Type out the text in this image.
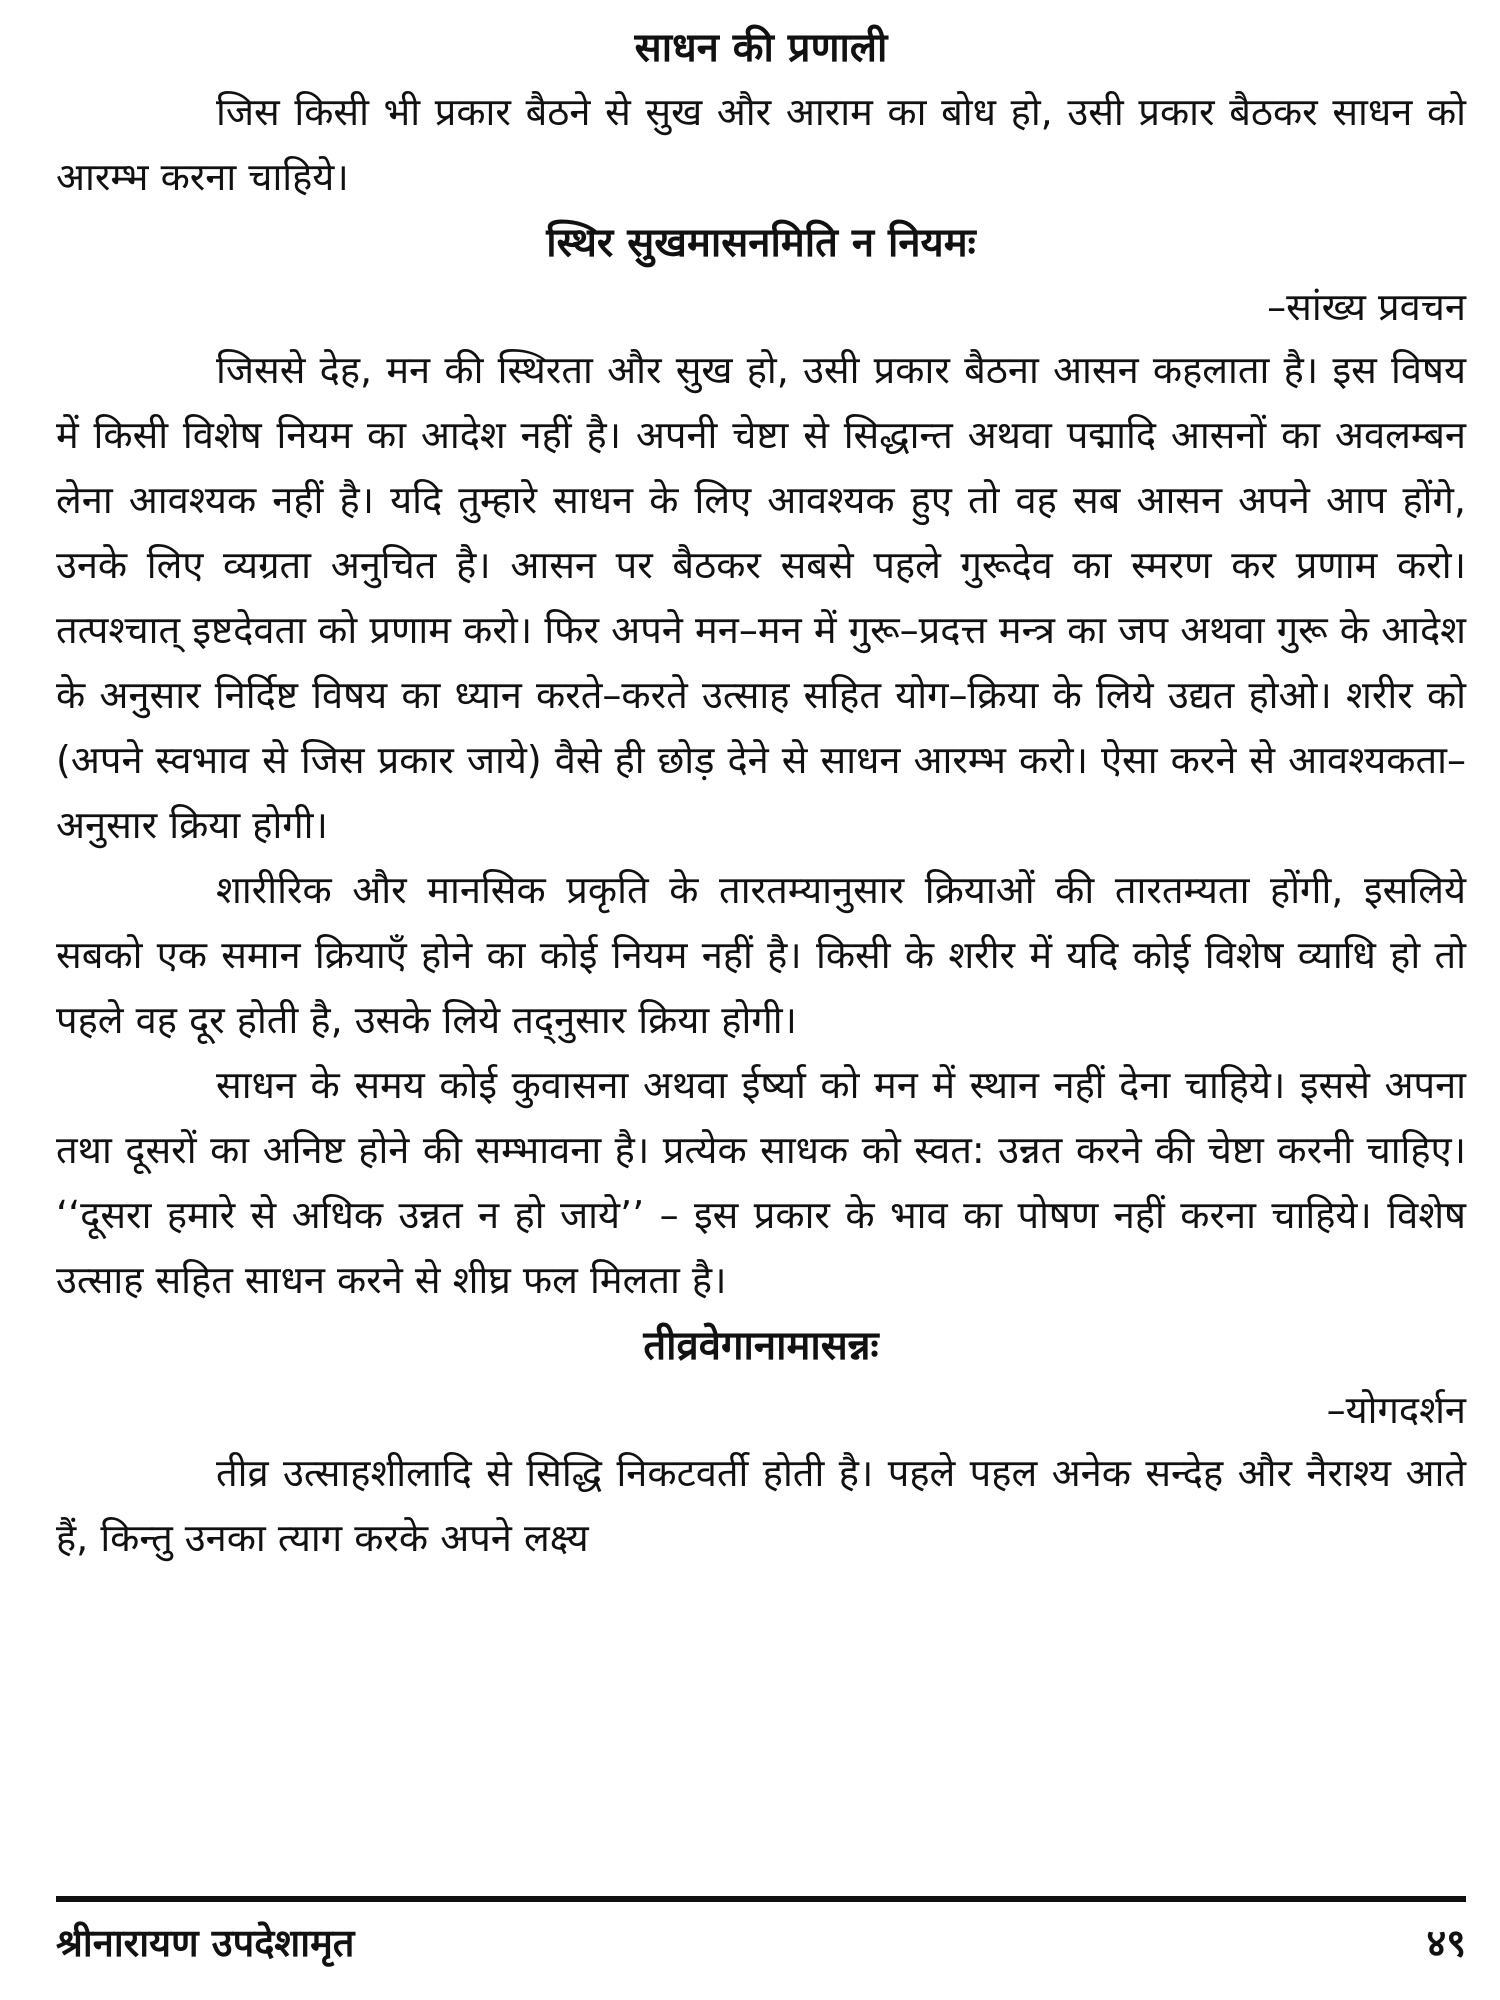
साधन की प्रणाली

जिस किसी भी प्रकार बैठने से सुख और आराम का बोध हो, उसी प्रकार बैठकर साधन को आरम्भ करना चाहिये।

स्थिर सुखमासनमिति न नियमः

–सांख्य प्रवचन

जिससे देह, मन की स्थिरता और सुख हो, उसी प्रकार बैठना आसन कहलाता है। इस विषय में किसी विशेष नियम का आदेश नहीं है। अपनी चेष्टा से सिद्धान्त अथवा पद्मादि आसनों का अवलम्बन लेना आवश्यक नहीं है। यदि तुम्हारे साधन के लिए आवश्यक हुए तो वह सब आसन अपने आप होंगे, उनके लिए व्यग्रता अनुचित है। आसन पर बैठकर सबसे पहले गुरूदेव का स्मरण कर प्रणाम करो। तत्पश्चात् इष्टदेवता को प्रणाम करो। फिर अपने मन–मन में गुरू–प्रदत्त मन्त्र का जप अथवा गुरू के आदेश के अनुसार निर्दिष्ट विषय का ध्यान करते–करते उत्साह सहित योग–क्रिया के लिये उद्यत होओ। शरीर को (अपने स्वभाव से जिस प्रकार जाये) वैसे ही छोड़ देने से साधन आरम्भ करो। ऐसा करने से आवश्यकता–अनुसार क्रिया होगी।

शारीरिक और मानसिक प्रकृति के तारतम्यानुसार क्रियाओं की तारतम्यता होंगी, इसलिये सबको एक समान क्रियाएँ होने का कोई नियम नहीं है। किसी के शरीर में यदि कोई विशेष व्याधि हो तो पहले वह दूर होती है, उसके लिये तद्नुसार क्रिया होगी।

साधन के समय कोई कुवासना अथवा ईर्ष्या को मन में स्थान नहीं देना चाहिये। इससे अपना तथा दूसरों का अनिष्ट होने की सम्भावना है। प्रत्येक साधक को स्वत: उन्नत करने की चेष्टा करनी चाहिए। ‘‘दूसरा हमारे से अधिक उन्नत न हो जाये’’ – इस प्रकार के भाव का पोषण नहीं करना चाहिये। विशेष उत्साह सहित साधन करने से शीघ्र फल मिलता है।

तीव्रवेगानामासन्नः

–योगदर्शन

तीव्र उत्साहशीलादि से सिद्धि निकटवर्ती होती है। पहले पहल अनेक सन्देह और नैराश्य आते हैं, किन्तु उनका त्याग करके अपने लक्ष्य

श्रीनारायण उपदेशामृत	४९
